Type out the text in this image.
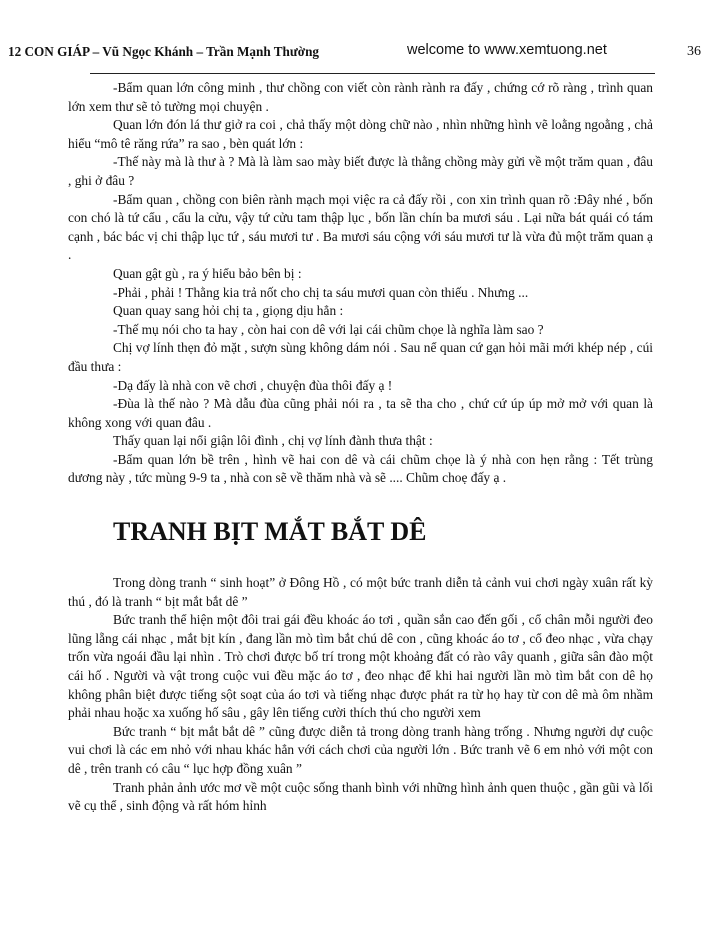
12 CON GIÁP – Vũ Ngọc Khánh – Trần Mạnh Thường	welcome to www.xemtuong.net	36

-Bẩm quan lớn công minh , thư chồng con viết còn rành rành ra đấy , chứng cớ rõ ràng , trình quan lớn xem thư sẽ tỏ tường mọi chuyện .

Quan lớn đón lá thư giở ra coi , chả thấy một dòng chữ nào , nhìn những hình vẽ loằng ngoằng , chả hiểu “mô tê răng rứa” ra sao , bèn quát lớn :

-Thế này mà là thư à ? Mà là làm sao mày biết được là thằng chồng mày gửi về một trăm quan , đâu , ghi ở đâu ?

-Bẩm quan , chồng con biên rành mạch mọi việc ra cả đấy rồi , con xin trình quan rõ :Đây nhé , bốn con chó là tứ cẩu , cẩu la cửu, vậy tứ cửu tam thập lục , bốn lần chín ba mươi sáu . Lại nữa bát quái có tám cạnh , bác bác vị chi thập lục tứ , sáu mươi tư . Ba mươi sáu cộng với sáu mươi tư là vừa đủ một trăm quan ạ .

Quan gật gù , ra ý hiểu bảo bên bị :

-Phải , phải ! Thằng kia trả nốt cho chị ta sáu mươi quan còn thiếu . Nhưng ...

Quan quay sang hỏi chị ta , giọng dịu hẳn :

-Thế mụ nói cho ta hay , còn hai con dê với lại cái chũm chọe là nghĩa làm sao ?

Chị vợ lính thẹn đỏ mặt , sượn sùng không dám nói . Sau nể quan cứ gạn hỏi mãi mới khép nép , cúi đầu thưa :

-Dạ đấy là nhà con vẽ chơi , chuyện đùa thôi đấy ạ !

-Đùa là thế nào ? Mà dẫu đùa cũng phải nói ra , ta sẽ tha cho , chứ cứ úp úp mở mở với quan là không xong với quan đâu .

Thấy quan lại nổi giận lôi đình , chị vợ lính đành thưa thật :

-Bẩm quan lớn bề trên , hình vẽ hai con dê và cái chũm chọe là ý nhà con hẹn rằng : Tết trùng dương này , tức mùng 9-9 ta , nhà con sẽ về thăm nhà và sẽ .... Chũm choẹ đấy ạ .

TRANH BỊT MẮT BẮT DÊ

Trong dòng tranh “ sinh hoạt” ở Đông Hồ , có một bức tranh diễn tả cảnh vui chơi ngày xuân rất kỳ thú , đó là tranh “ bịt mắt bắt dê ”

Bức tranh thể hiện một đôi trai gái đều khoác áo tơi , quần sắn cao đến gối , cổ chân mỗi người đeo lũng lẵng cái nhạc , mắt bịt kín , đang lần mò tìm bắt chú dê con , cũng khoác áo tơ , cổ đeo nhạc , vừa chạy trốn vừa ngoái đầu lại nhìn . Trò chơi được bố trí trong một khoảng đất có rào vây quanh , giữa sân đào một cái hố . Người và vật trong cuộc vui đều mặc áo tơ , đeo nhạc để khi hai người lần mò tìm bắt con dê họ không phân biệt được tiếng sột soạt của áo tơi và tiếng nhạc được phát ra từ họ hay từ con dê mà ôm nhầm phải nhau hoặc xa xuống hố sâu , gây lên tiếng cười thích thú cho người xem

Bức tranh “ bịt mắt bắt dê ” cũng được diễn tả trong dòng tranh hàng trống . Nhưng người dự cuộc vui chơi là các em nhỏ với nhau khác hẳn với cách chơi của người lớn . Bức tranh vẽ 6 em nhỏ với một con dê , trên tranh có câu “ lục hợp đồng xuân ”

Tranh phản ảnh ước mơ về một cuộc sống thanh bình với những hình ảnh quen thuộc , gần gũi và lối vẽ cụ thể , sinh động và rất hóm hỉnh
